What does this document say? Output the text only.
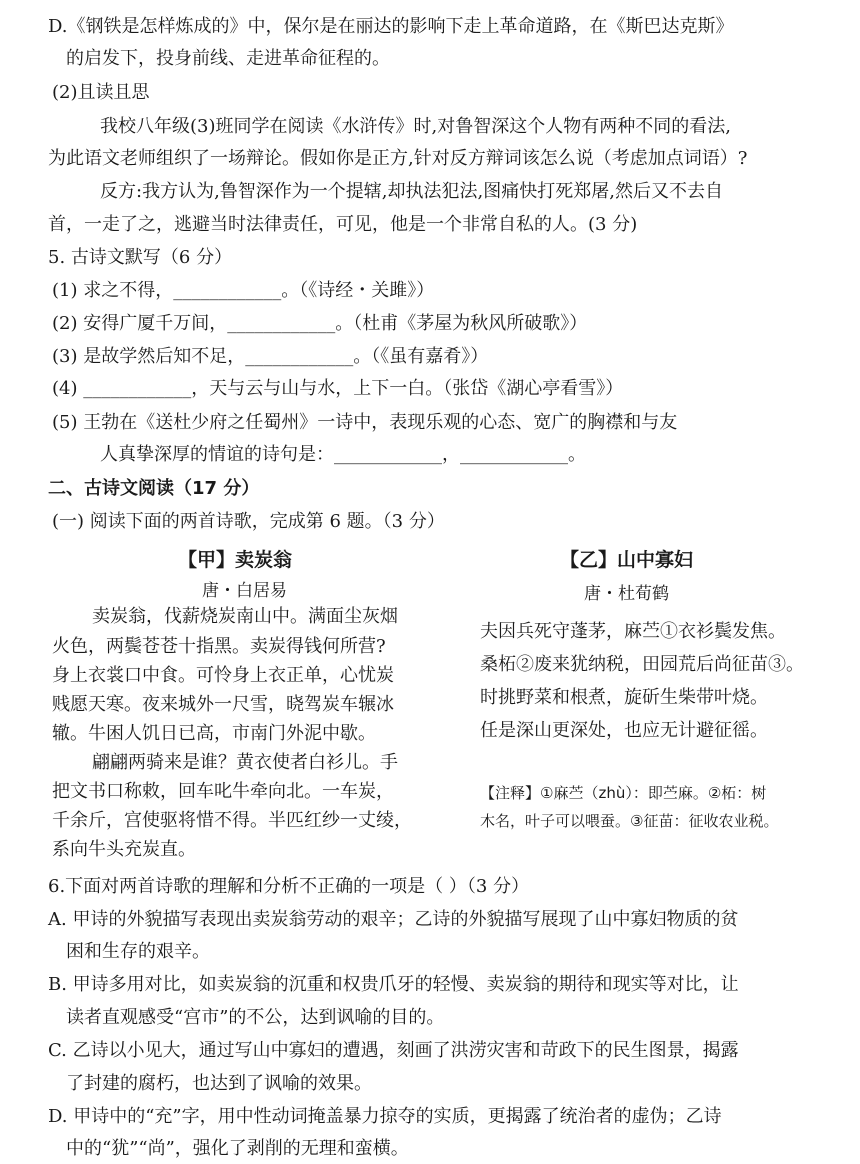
D.《钢铁是怎样炼成的》中，保尔是在丽达的影响下走上革命道路，在《斯巴达克斯》
的启发下，投身前线、走进革命征程的。
(2)且读且思
我校八年级(3)班同学在阅读《水浒传》时,对鲁智深这个人物有两种不同的看法,
为此语文老师组织了一场辩论。假如你是正方,针对反方辩词该怎么说（考虑加点词语）?
反方:我方认为,鲁智深作为一个提辖,却执法犯法,图痛快打死郑屠,然后又不去自
首，一走了之，逃避当时法律责任，可见，他是一个非常自私的人。(3 分)
5. 古诗文默写（6 分）
(1) 求之不得，____________。（《诗经・关雎》）
(2) 安得广厦千万间，____________。（杜甫《茅屋为秋风所破歌》）
(3) 是故学然后知不足，____________。（《虽有嘉肴》）
(4) ____________，天与云与山与水，上下一白。（张岱《湖心亭看雪》）
(5) 王勃在《送杜少府之任蜀州》一诗中，表现乐观的心态、宽广的胸襟和与友
人真挚深厚的情谊的诗句是：____________，____________。
二、古诗文阅读（17 分）
(一) 阅读下面的两首诗歌，完成第 6 题。（3 分）
【甲】卖炭翁
唐・白居易
卖炭翁，伐薪烧炭南山中。满面尘灰烟
火色，两鬓苍苍十指黑。卖炭得钱何所营?
身上衣裳口中食。可怜身上衣正单，心忧炭
贱愿天寒。夜来城外一尺雪，晓驾炭车辗冰
辙。牛困人饥日已高，市南门外泥中歇。
翩翩两骑来是谁？黄衣使者白衫儿。手
把文书口称敕，回车叱牛牵向北。一车炭，
千余斤，宫使驱将惜不得。半匹红纱一丈绫，
系向牛头充炭直。
【乙】山中寡妇
唐・杜荀鹤
夫因兵死守蓬茅，麻苎①衣衫鬓发焦。
桑柘②废来犹纳税，田园荒后尚征苗③。
时挑野菜和根煮，旋斫生柴带叶烧。
任是深山更深处，也应无计避征徭。
【注释】①麻苎（zhù）：即苎麻。②柘：树
木名，叶子可以喂蚕。③征苗：征收农业税。
6.下面对两首诗歌的理解和分析不正确的一项是（ ）（3 分）
A. 甲诗的外貌描写表现出卖炭翁劳动的艰辛；乙诗的外貌描写展现了山中寡妇物质的贫
困和生存的艰辛。
B. 甲诗多用对比，如卖炭翁的沉重和权贵爪牙的轻慢、卖炭翁的期待和现实等对比，让
读者直观感受“宫市”的不公，达到讽喻的目的。
C. 乙诗以小见大，通过写山中寡妇的遭遇，刻画了洪涝灾害和苛政下的民生图景，揭露
了封建的腐朽，也达到了讽喻的效果。
D. 甲诗中的“充”字，用中性动词掩盖暴力掠夺的实质，更揭露了统治者的虚伪；乙诗
中的“犹”“尚”，强化了剥削的无理和蛮横。
